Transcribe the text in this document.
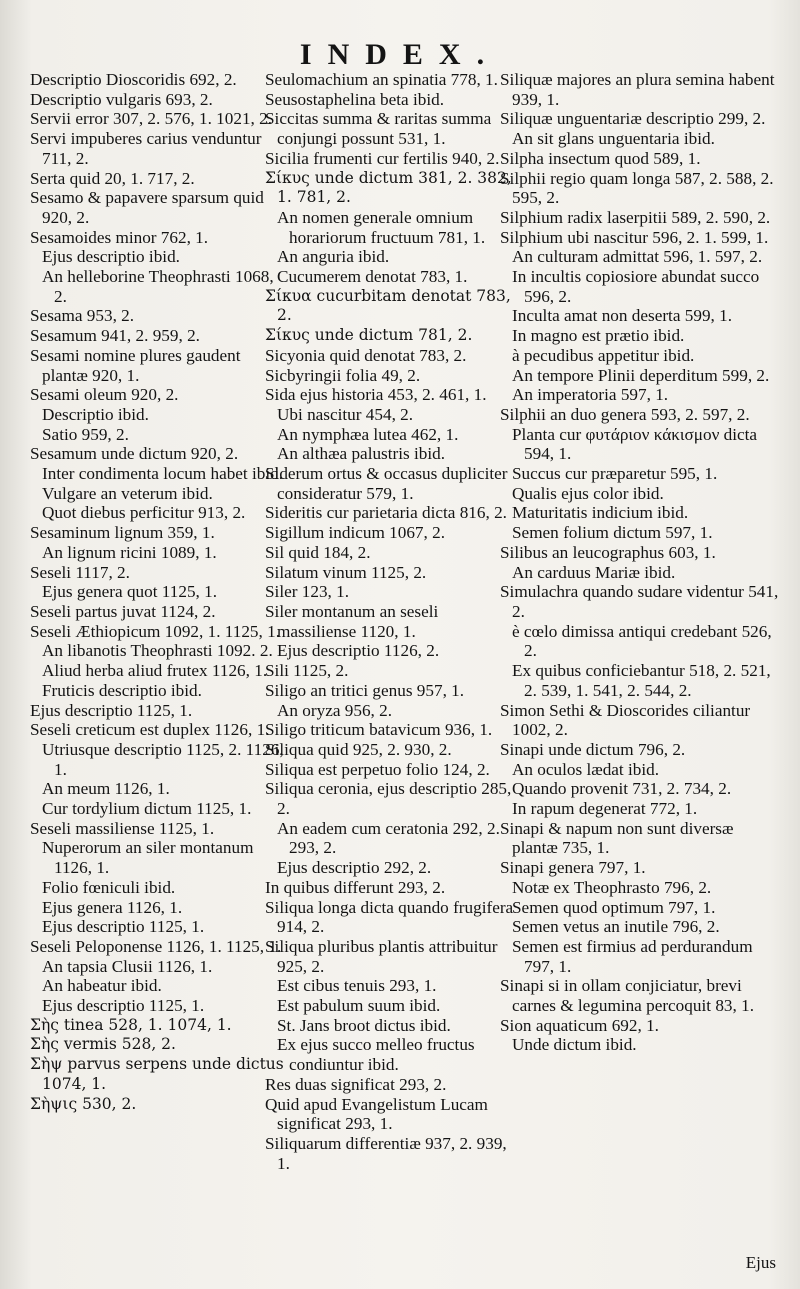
INDEX.
Descriptio Dioscoridis 692, 2.
Descriptio vulgaris 693, 2.
Servii error 307, 2. 576, 1. 1021, 2.
Servi impuberes carius venduntur 711, 2.
Serta quid 20, 1. 717, 2.
Sesamo & papavere sparsum quid 920, 2.
Sesamoides minor 762, 1.
Ejus descriptio ibid.
An helleborine Theophrasti 1068, 2.
Sesama 953, 2.
Sesamum 941, 2. 959, 2.
Sesami nomine plures gaudent plantæ 920, 1.
Sesami oleum 920, 2.
Descriptio ibid.
Satio 959, 2.
Sesamum unde dictum 920, 2.
Inter condimenta locum habet ibid.
Vulgare an veterum ibid.
Quot diebus perficitur 913, 2.
Sesaminum lignum 359, 1.
An lignum ricini 1089, 1.
Seseli 1117, 2.
Ejus genera quot 1125, 1.
Seseli partus juvat 1124, 2.
Seseli Æthiopicum 1092, 1. 1125, 1.
An libanotis Theophrasti 1092. 2.
Aliud herba aliud frutex 1126, 1.
Fruticis descriptio ibid.
Ejus descriptio 1125, 1.
Seseli creticum est duplex 1126, 1.
Utriusque descriptio 1125, 2. 1126, 1.
An meum 1126, 1.
Cur tordylium dictum 1125, 1.
Seseli massiliense 1125, 1.
Nuperorum an siler montanum 1126, 1.
Folio fœniculi ibid.
Ejus genera 1126, 1.
Ejus descriptio 1125, 1.
Seseli Peloponense 1126, 1. 1125, 1.
An tapsia Clusii 1126, 1.
An habeatur ibid.
Ejus descriptio 1125, 1.
Σὴς tinea 528, 1. 1074, 1.
Σὴς vermis 528, 2.
Σὴψ parvus serpens unde dictus 1074, 1.
Σὴψις 530, 2.
Seulomachium an spinatia 778, 1.
Seusostaphelina beta ibid.
Siccitas summa & raritas summa conjungi possunt 531, 1.
Sicilia frumenti cur fertilis 940, 2.
Σίκυς unde dictum 381, 2. 382, 1. 781, 2.
An nomen generale omnium horariorum fructuum 781, 1.
An anguria ibid.
Cucumerem denotat 783, 1.
Σίκυα cucurbitam denotat 783, 2.
Σίκυς unde dictum 781, 2.
Sicyonia quid denotat 783, 2.
Sicbyringii folia 49, 2.
Sida ejus historia 453, 2. 461, 1.
Ubi nascitur 454, 2.
An nymphæa lutea 462, 1.
An althæa palustris ibid.
Siderum ortus & occasus dupliciter consideratur 579, 1.
Sideritis cur parietaria dicta 816, 2.
Sigillum indicum 1067, 2.
Sil quid 184, 2.
Silatum vinum 1125, 2.
Siler 123, 1.
Siler montanum an seseli massiliense 1120, 1.
Ejus descriptio 1126, 2.
Sili 1125, 2.
Siligo an tritici genus 957, 1.
An oryza 956, 2.
Siligo triticum batavicum 936, 1.
Siliqua quid 925, 2. 930, 2.
Siliqua est perpetuo folio 124, 2.
Siliqua ceronia, ejus descriptio 285, 2.
An eadem cum ceratonia 292, 2. 293, 2.
Ejus descriptio 292, 2.
In quibus differunt 293, 2.
Siliqua longa dicta quando frugifera 914, 2.
Siliqua pluribus plantis attribuitur 925, 2.
Est cibus tenuis 293, 1.
Est pabulum suum ibid.
St. Jans broot dictus ibid.
Ex ejus succo melleo fructus condiuntur ibid.
Res duas significat 293, 2.
Quid apud Evangelistum Lucam significat 293, 1.
Siliquarum differentiæ 937, 2. 939, 1.
Siliquæ majores an plura semina habent 939, 1.
Siliquæ unguentariæ descriptio 299, 2.
An sit glans unguentaria ibid.
Silpha insectum quod 589, 1.
Silphii regio quam longa 587, 2. 588, 2. 595, 2.
Silphium radix laserpitii 589, 2. 590, 2.
Silphium ubi nascitur 596, 2. 1. 599, 1.
An culturam admittat 596, 1. 597, 2.
In incultis copiosiore abundat succo 596, 2.
Inculta amat non deserta 599, 1.
In magno est prætio ibid.
à pecudibus appetitur ibid.
An tempore Plinii deperditum 599, 2.
An imperatoria 597, 1.
Silphii an duo genera 593, 2. 597, 2.
Planta cur φυτάριον κάκισμον dicta 594, 1.
Succus cur præparetur 595, 1.
Qualis ejus color ibid.
Maturitatis indicium ibid.
Semen folium dictum 597, 1.
Silibus an leucographus 603, 1.
An carduus Mariæ ibid.
Simulachra quando sudare videntur 541, 2.
è cœlo dimissa antiqui credebant 526, 2.
Ex quibus conficiebantur 518, 2. 521, 2. 539, 1. 541, 2. 544, 2.
Simon Sethi & Dioscorides ciliantur 1002, 2.
Sinapi unde dictum 796, 2.
An oculos lædat ibid.
Quando provenit 731, 2. 734, 2.
In rapum degenerat 772, 1.
Sinapi & napum non sunt diversæ plantæ 735, 1.
Sinapi genera 797, 1.
Notæ ex Theophrasto 796, 2.
Semen quod optimum 797, 1.
Semen vetus an inutile 796, 2.
Semen est firmius ad perdurandum 797, 1.
Sinapi si in ollam conjiciatur, brevi carnes & legumina percoquit 83, 1.
Sion aquaticum 692, 1.
Unde dictum ibid.
Ejus
